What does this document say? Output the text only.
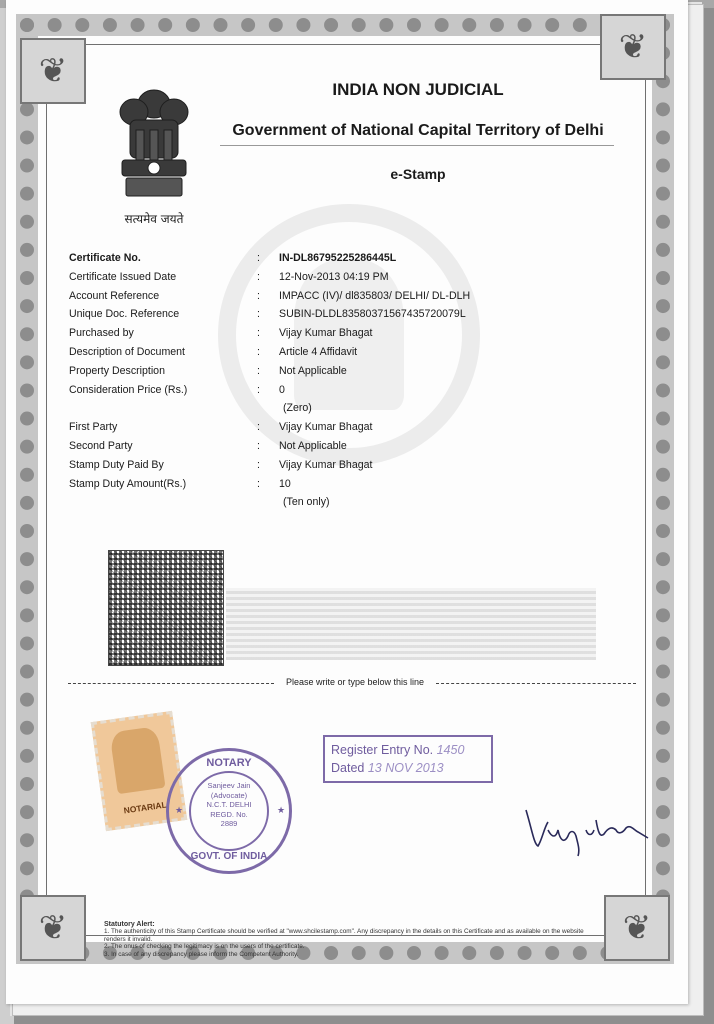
❦
❦
❦	❦
सत्यमेव जयते
INDIA NON JUDICIAL
Government of National Capital Territory of Delhi
e-Stamp
Certificate No.	:	IN-DL86795225286445L
Certificate Issued Date	:	12-Nov-2013 04:19 PM
Account Reference	:	IMPACC (IV)/ dl835803/ DELHI/ DL-DLH
Unique Doc. Reference	:	SUBIN-DLDL83580371567435720079L
Purchased by	:	Vijay Kumar Bhagat
Description of Document	:	Article 4 Affidavit
Property Description	:	Not Applicable
Consideration Price (Rs.)	:	0
(Zero)
First Party	:	Vijay Kumar Bhagat
Second Party	:	Not Applicable
Stamp Duty Paid By	:	Vijay Kumar Bhagat
Stamp Duty Amount(Rs.)	:	10
(Ten only)
Please write or type below this line
NOTARIAL
NOTARY
★	★
Sanjeev Jain
(Advocate)
N.C.T. DELHI
REGD. No.
2889
GOVT. OF INDIA
Register Entry No. 1450
Dated 13 NOV 2013
Statutory Alert:
1. The authenticity of this Stamp Certificate should be verified at "www.shcilestamp.com". Any discrepancy in the details on this Certificate and as available on the website renders it invalid.
2. The onus of checking the legitimacy is on the users of the certificate.
3. In case of any discrepancy please inform the Competent Authority.
